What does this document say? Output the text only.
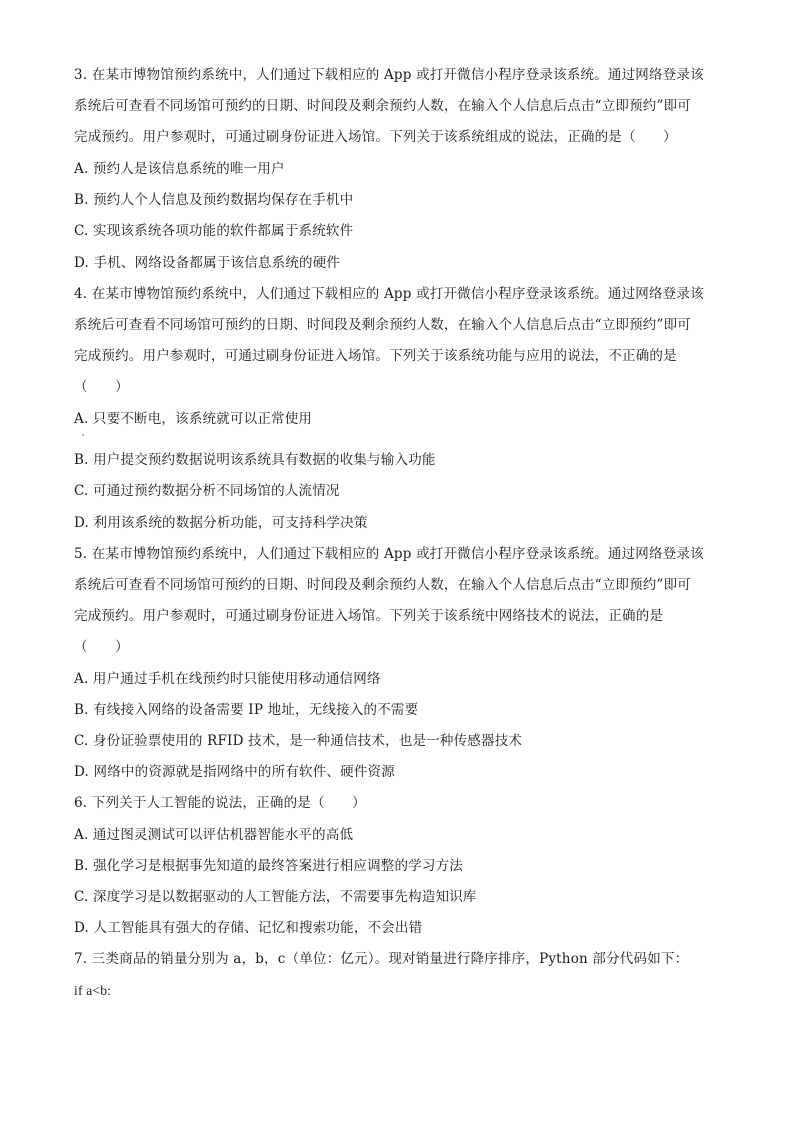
3. 在某市博物馆预约系统中，人们通过下载相应的 App 或打开微信小程序登录该系统。通过网络登录该
系统后可查看不同场馆可预约的日期、时间段及剩余预约人数，在输入个人信息后点击“立即预约”即可
完成预约。用户参观时，可通过刷身份证进入场馆。下列关于该系统组成的说法，正确的是（　　）
A. 预约人是该信息系统的唯一用户
B. 预约人个人信息及预约数据均保存在手机中
C. 实现该系统各项功能的软件都属于系统软件
D. 手机、网络设备都属于该信息系统的硬件
4. 在某市博物馆预约系统中，人们通过下载相应的 App 或打开微信小程序登录该系统。通过网络登录该
系统后可查看不同场馆可预约的日期、时间段及剩余预约人数，在输入个人信息后点击“立即预约”即可
完成预约。用户参观时，可通过刷身份证进入场馆。下列关于该系统功能与应用的说法，不正确的是
（　　）
A. 只要不断电，该系统就可以正常使用
B. 用户提交预约数据说明该系统具有数据的收集与输入功能
C. 可通过预约数据分析不同场馆的人流情况
D. 利用该系统的数据分析功能，可支持科学决策
5. 在某市博物馆预约系统中，人们通过下载相应的 App 或打开微信小程序登录该系统。通过网络登录该
系统后可查看不同场馆可预约的日期、时间段及剩余预约人数，在输入个人信息后点击“立即预约”即可
完成预约。用户参观时，可通过刷身份证进入场馆。下列关于该系统中网络技术的说法，正确的是
（　　）
A. 用户通过手机在线预约时只能使用移动通信网络
B. 有线接入网络的设备需要 IP 地址，无线接入的不需要
C. 身份证验票使用的 RFID 技术，是一种通信技术，也是一种传感器技术
D. 网络中的资源就是指网络中的所有软件、硬件资源
6. 下列关于人工智能的说法，正确的是（　　）
A. 通过图灵测试可以评估机器智能水平的高低
B. 强化学习是根据事先知道的最终答案进行相应调整的学习方法
C. 深度学习是以数据驱动的人工智能方法，不需要事先构造知识库
D. 人工智能具有强大的存储、记忆和搜索功能，不会出错
7. 三类商品的销量分别为 a，b，c（单位：亿元）。现对销量进行降序排序，Python 部分代码如下：
if a<b:
